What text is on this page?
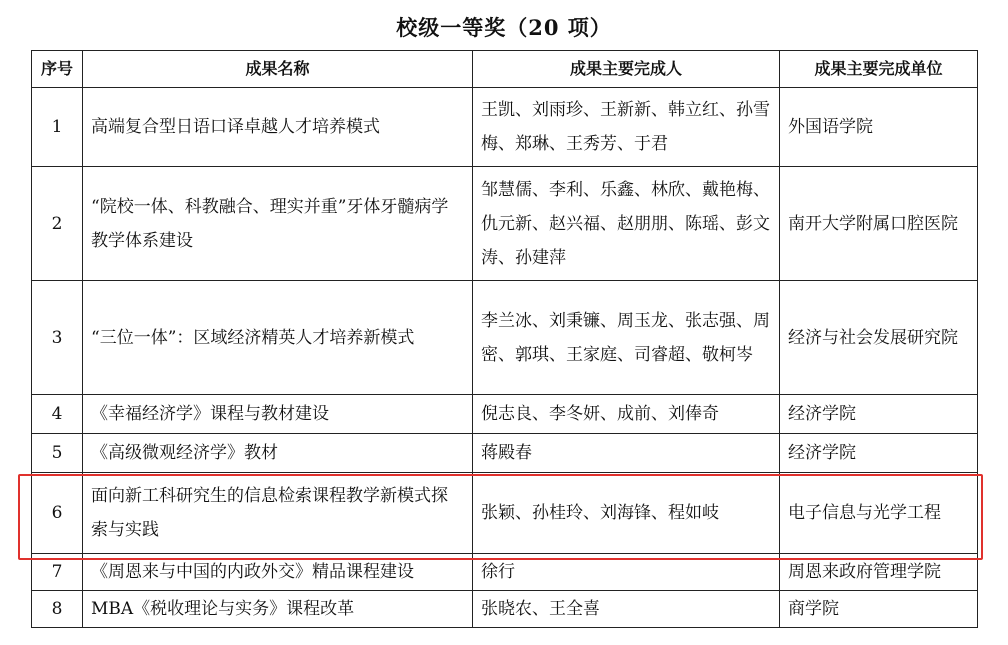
校级一等奖（20 项）
序号	成果名称	成果主要完成人	成果主要完成单位
1	高端复合型日语口译卓越人才培养模式	王凯、刘雨珍、王新新、韩立红、孙雪梅、郑琳、王秀芳、于君	外国语学院
2	“院校一体、科教融合、理实并重”牙体牙髓病学教学体系建设	邹慧儒、李利、乐鑫、林欣、戴艳梅、仇元新、赵兴福、赵朋朋、陈瑶、彭文涛、孙建萍	南开大学附属口腔医院
3	“三位一体”：区域经济精英人才培养新模式	李兰冰、刘秉镰、周玉龙、张志强、周密、郭琪、王家庭、司睿超、敬柯岑	经济与社会发展研究院
4	《幸福经济学》课程与教材建设	倪志良、李冬妍、成前、刘俸奇	经济学院
5	《高级微观经济学》教材	蒋殿春	经济学院
6	面向新工科研究生的信息检索课程教学新模式探索与实践	张颖、孙桂玲、刘海锋、程如岐	电子信息与光学工程
7	《周恩来与中国的内政外交》精品课程建设	徐行	周恩来政府管理学院
8	MBA《税收理论与实务》课程改革	张晓农、王全喜	商学院
